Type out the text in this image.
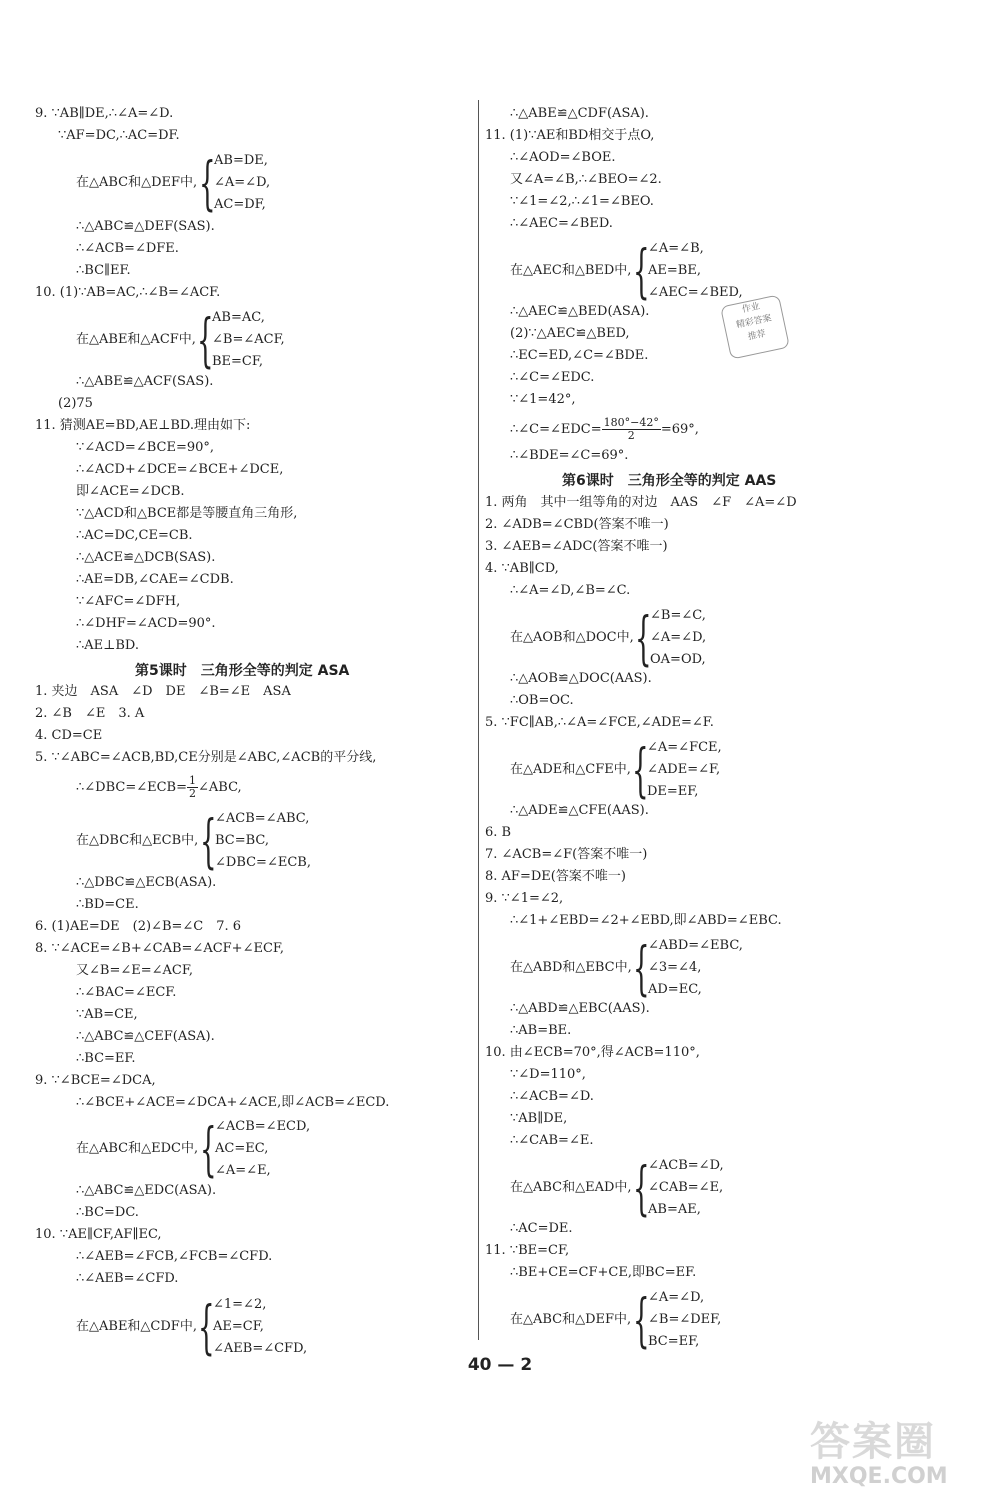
9. ∵AB∥DE,∴∠A=∠D.
∵AF=DC,∴AC=DF.
在△ABC和△DEF中, {
AB=DE,
∠A=∠D,
AC=DF,
∴△ABC≌△DEF(SAS).
∴∠ACB=∠DFE.
∴BC∥EF.
10. (1)∵AB=AC,∴∠B=∠ACF.
在△ABE和△ACF中, {
AB=AC,
∠B=∠ACF,
BE=CF,
∴△ABE≌△ACF(SAS).
(2)75
11. 猜测AE=BD,AE⊥BD.理由如下:
∵∠ACD=∠BCE=90°,
∴∠ACD+∠DCE=∠BCE+∠DCE,
即∠ACE=∠DCB.
∵△ACD和△BCE都是等腰直角三角形,
∴AC=DC,CE=CB.
∴△ACE≌△DCB(SAS).
∴AE=DB,∠CAE=∠CDB.
∵∠AFC=∠DFH,
∴∠DHF=∠ACD=90°.
∴AE⊥BD.
第5课时　三角形全等的判定 ASA
1. 夹边　ASA　∠D　DE　∠B=∠E　ASA
2. ∠B　∠E　3. A
4. CD=CE
5. ∵∠ABC=∠ACB,BD,CE分别是∠ABC,∠ACB的平分线,
∴∠DBC=∠ECB= $\frac{1}{2}$ ∠ABC,
在△DBC和△ECB中, {
∠ACB=∠ABC,
BC=BC,
∠DBC=∠ECB,
∴△DBC≌△ECB(ASA).
∴BD=CE.
6. (1)AE=DE　(2)∠B=∠C　7. 6
8. ∵∠ACE=∠B+∠CAB=∠ACF+∠ECF,
又∠B=∠E=∠ACF,
∴∠BAC=∠ECF.
∵AB=CE,
∴△ABC≌△CEF(ASA).
∴BC=EF.
9. ∵∠BCE=∠DCA,
∴∠BCE+∠ACE=∠DCA+∠ACE,即∠ACB=∠ECD.
在△ABC和△EDC中, {
∠ACB=∠ECD,
AC=EC,
∠A=∠E,
∴△ABC≌△EDC(ASA).
∴BC=DC.
10. ∵AE∥CF,AF∥EC,
∴∠AEB=∠FCB,∠FCB=∠CFD.
∴∠AEB=∠CFD.
在△ABE和△CDF中, {
∠1=∠2,
AE=CF,
∠AEB=∠CFD,
∴△ABE≌△CDF(ASA).
11. (1)∵AE和BD相交于点O,
∴∠AOD=∠BOE.
又∠A=∠B,∴∠BEO=∠2.
∵∠1=∠2,∴∠1=∠BEO.
∴∠AEC=∠BED.
在△AEC和△BED中, {
∠A=∠B,
AE=BE,
∠AEC=∠BED,
∴△AEC≌△BED(ASA).
(2)∵△AEC≌△BED,
∴EC=ED,∠C=∠BDE.
∴∠C=∠EDC.
∵∠1=42°,
∴∠C=∠EDC= $\frac{180^\circ-42^\circ}{2} =69^\circ$,
∴∠BDE=∠C=69°.
第6课时　三角形全等的判定 AAS
1. 两角　其中一组等角的对边　AAS　∠F　∠A=∠D
2. ∠ADB=∠CBD(答案不唯一)
3. ∠AEB=∠ADC(答案不唯一)
4. ∵AB∥CD,
∴∠A=∠D,∠B=∠C.
在△AOB和△DOC中, {
∠B=∠C,
∠A=∠D,
OA=OD,
∴△AOB≌△DOC(AAS).
∴OB=OC.
5. ∵FC∥AB,∴∠A=∠FCE,∠ADE=∠F.
在△ADE和△CFE中, {
∠A=∠FCE,
∠ADE=∠F,
DE=EF,
∴△ADE≌△CFE(AAS).
6. B
7. ∠ACB=∠F(答案不唯一)
8. AF=DE(答案不唯一)
9. ∵∠1=∠2,
∴∠1+∠EBD=∠2+∠EBD,即∠ABD=∠EBC.
在△ABD和△EBC中, {
∠ABD=∠EBC,
∠3=∠4,
AD=EC,
∴△ABD≌△EBC(AAS).
∴AB=BE.
10. 由∠ECB=70°,得∠ACB=110°,
∵∠D=110°,
∴∠ACB=∠D.
∵AB∥DE,
∴∠CAB=∠E.
在△ABC和△EAD中, {
∠ACB=∠D,
∠CAB=∠E,
AB=AE,
∴AC=DE.
11. ∵BE=CF,
∴BE+CE=CF+CE,即BC=EF.
在△ABC和△DEF中, {
∠A=∠D,
∠B=∠DEF,
BC=EF,
作业
精彩答案
推荐
40 — 2
答案圈
MXQE.COM
